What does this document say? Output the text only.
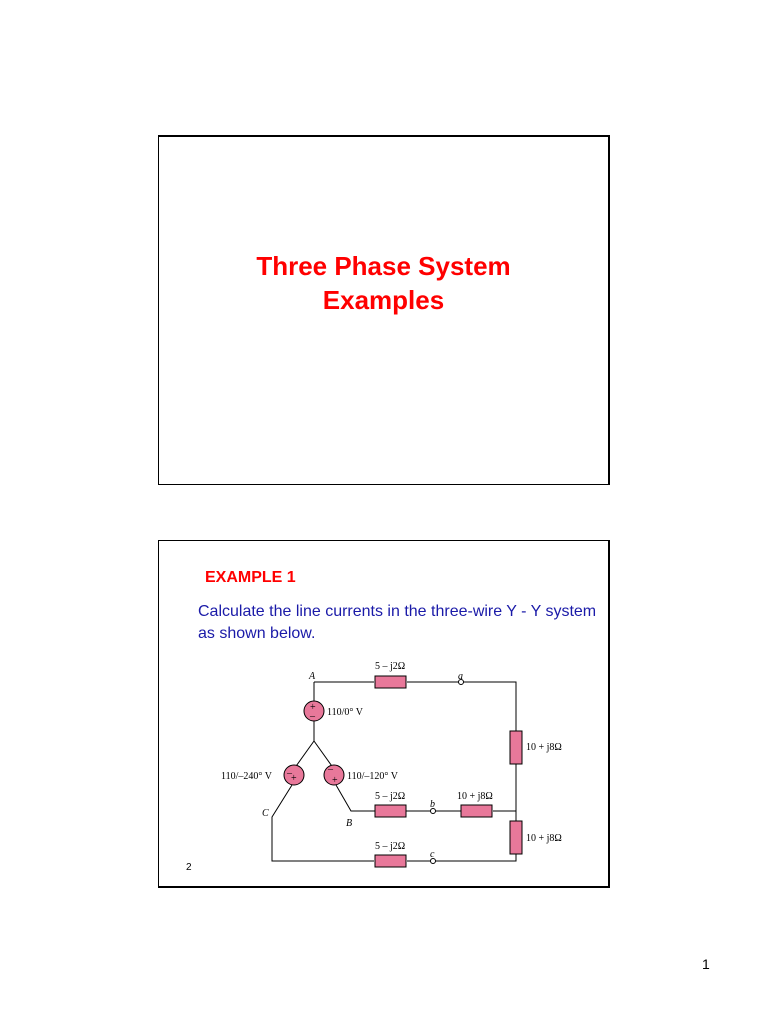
Three Phase System
Examples
EXAMPLE 1
Calculate the line currents in the three-wire Y - Y system as shown below.
+
–
– +
–
+
A
B
C
a
b
c
5 – j2Ω
5 – j2Ω
5 – j2Ω
10 + j8Ω
10 + j8Ω
10 + j8Ω
110/0° V
110/–120° V
110/–240° V
2
1
